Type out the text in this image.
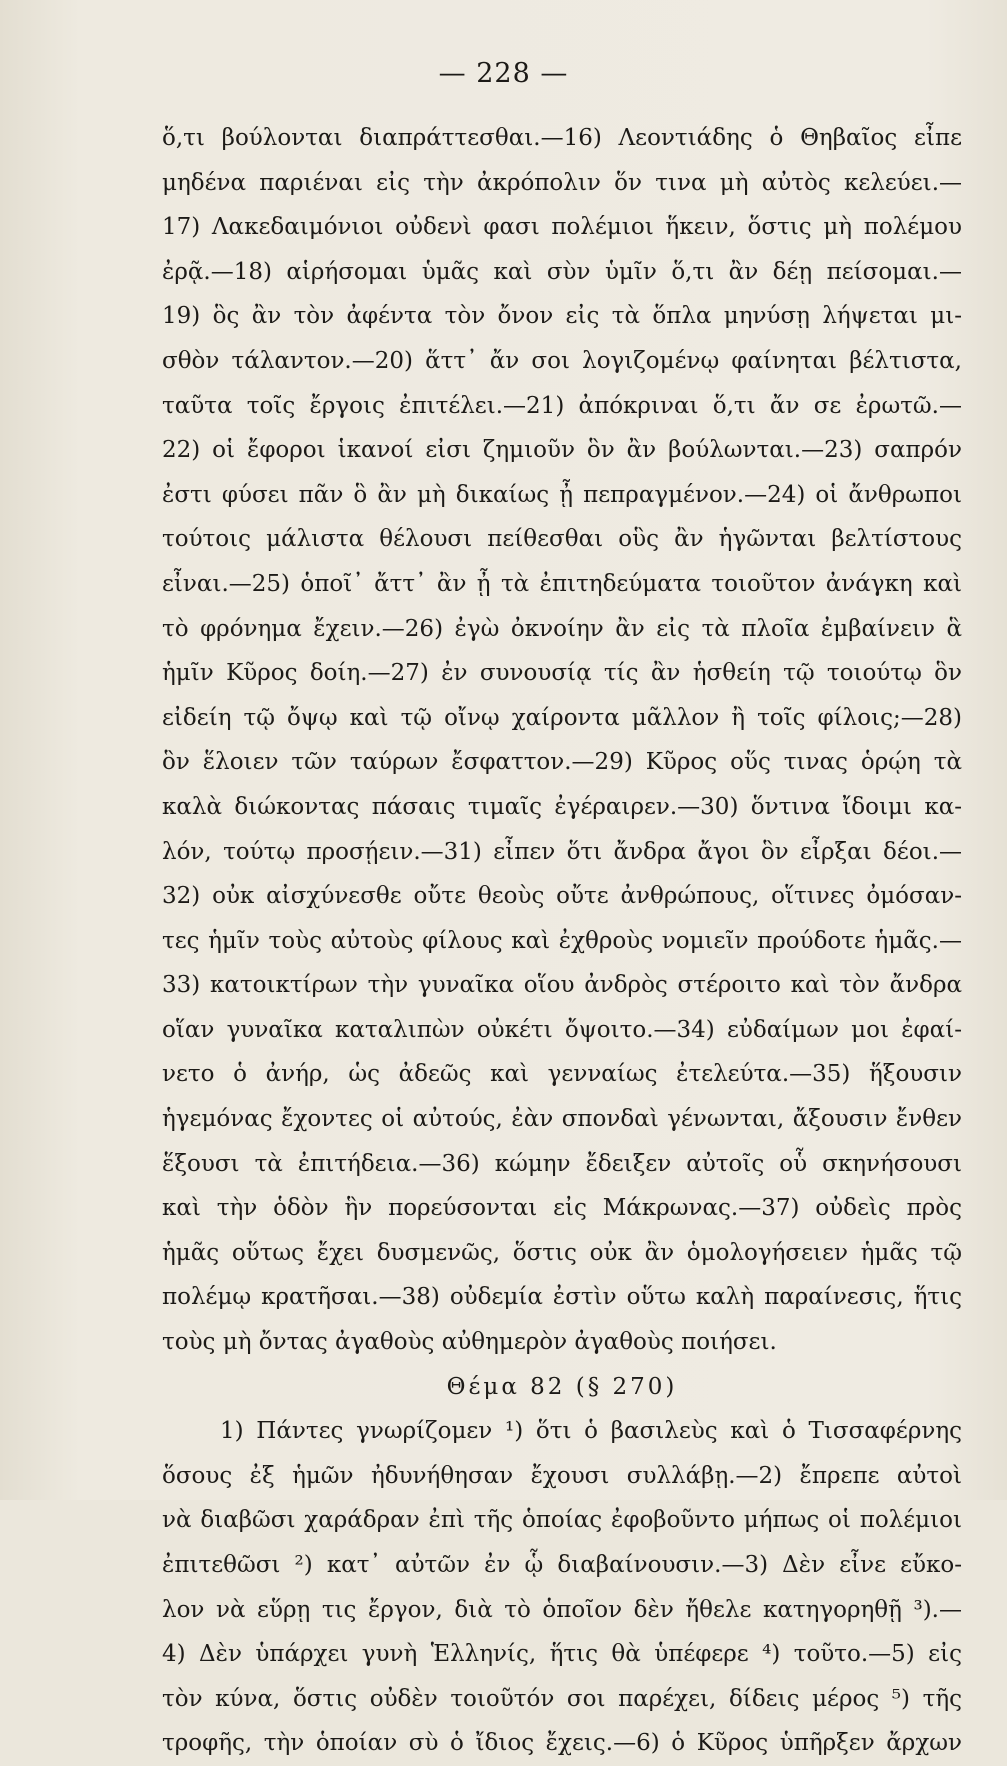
— 228 —
ὅ,τι βούλονται διαπράττεσθαι.—16) Λεοντιάδης ὁ Θηβαῖος εἶπε
μηδένα παριέναι εἰς τὴν ἀκρόπολιν ὅν τινα μὴ αὐτὸς κελεύει.—
17) Λακεδαιμόνιοι οὐδενὶ φασι πολέμιοι ἥκειν, ὅστις μὴ πολέμου
ἐρᾷ.—18) αἱρήσομαι ὑμᾶς καὶ σὺν ὑμῖν ὅ,τι ἂν δέῃ πείσομαι.—
19) ὃς ἂν τὸν ἀφέντα τὸν ὄνον εἰς τὰ ὅπλα μηνύσῃ λήψεται μι-
σθὸν τάλαντον.—20) ἅττ᾽ ἄν σοι λογιζομένῳ φαίνηται βέλτιστα,
ταῦτα τοῖς ἔργοις ἐπιτέλει.—21) ἀπόκριναι ὅ,τι ἄν σε ἐρωτῶ.—
22) οἱ ἔφοροι ἱκανοί εἰσι ζημιοῦν ὃν ἂν βούλωνται.—23) σαπρόν
ἐστι φύσει πᾶν ὃ ἂν μὴ δικαίως ᾖ πεπραγμένον.—24) οἱ ἄνθρωποι
τούτοις μάλιστα θέλουσι πείθεσθαι οὓς ἂν ἡγῶνται βελτίστους
εἶναι.—25) ὁποῖ᾽ ἄττ᾽ ἂν ᾖ τὰ ἐπιτηδεύματα τοιοῦτον ἀνάγκη καὶ
τὸ φρόνημα ἔχειν.—26) ἐγὼ ὀκνοίην ἂν εἰς τὰ πλοῖα ἐμβαίνειν ἃ
ἡμῖν Κῦρος δοίη.—27) ἐν συνουσίᾳ τίς ἂν ἡσθείη τῷ τοιούτῳ ὃν
εἰδείη τῷ ὄψῳ καὶ τῷ οἴνῳ χαίροντα μᾶλλον ἢ τοῖς φίλοις;—28)
ὃν ἕλοιεν τῶν ταύρων ἔσφαττον.—29) Κῦρος οὕς τινας ὁρῴη τὰ
καλὰ διώκοντας πάσαις τιμαῖς ἐγέραιρεν.—30) ὅντινα ἴδοιμι κα-
λόν, τούτῳ προσῄειν.—31) εἶπεν ὅτι ἄνδρα ἄγοι ὃν εἶρξαι δέοι.—
32) οὐκ αἰσχύνεσθε οὔτε θεοὺς οὔτε ἀνθρώπους, οἵτινες ὀμόσαν-
τες ἡμῖν τοὺς αὐτοὺς φίλους καὶ ἐχθροὺς νομιεῖν προύδοτε ἡμᾶς.—
33) κατοικτίρων τὴν γυναῖκα οἵου ἀνδρὸς στέροιτο καὶ τὸν ἄνδρα
οἵαν γυναῖκα καταλιπὼν οὐκέτι ὄψοιτο.—34) εὐδαίμων μοι ἐφαί-
νετο ὁ ἀνήρ, ὡς ἀδεῶς καὶ γενναίως ἐτελεύτα.—35) ἥξουσιν
ἡγεμόνας ἔχοντες οἱ αὐτούς, ἐὰν σπονδαὶ γένωνται, ἄξουσιν ἔνθεν
ἕξουσι τὰ ἐπιτήδεια.—36) κώμην ἔδειξεν αὐτοῖς οὗ σκηνήσουσι
καὶ τὴν ὁδὸν ἣν πορεύσονται εἰς Μάκρωνας.—37) οὐδεὶς πρὸς
ἡμᾶς οὕτως ἔχει δυσμενῶς, ὅστις οὐκ ἂν ὁμολογήσειεν ἡμᾶς τῷ
πολέμῳ κρατῆσαι.—38) οὐδεμία ἐστὶν οὕτω καλὴ παραίνεσις, ἥτις
τοὺς μὴ ὄντας ἀγαθοὺς αὐθημερὸν ἀγαθοὺς ποιήσει.
Θέμα 82 (§ 270)
1) Πάντες γνωρίζομεν ¹) ὅτι ὁ βασιλεὺς καὶ ὁ Τισσαφέρνης
ὅσους ἐξ ἡμῶν ἠδυνήθησαν ἔχουσι συλλάβῃ.—2) ἔπρεπε αὐτοὶ
νὰ διαβῶσι χαράδραν ἐπὶ τῆς ὁποίας ἐφοβοῦντο μήπως οἱ πολέμιοι
ἐπιτεθῶσι ²) κατ᾽ αὐτῶν ἐν ᾧ διαβαίνουσιν.—3) Δὲν εἶνε εὔκο-
λον νὰ εὕρῃ τις ἔργον, διὰ τὸ ὁποῖον δὲν ἤθελε κατηγορηθῇ ³).—
4) Δὲν ὑπάρχει γυνὴ Ἑλληνίς, ἥτις θὰ ὑπέφερε ⁴) τοῦτο.—5) εἰς
τὸν κύνα, ὅστις οὐδὲν τοιοῦτόν σοι παρέχει, δίδεις μέρος ⁵) τῆς
τροφῆς, τὴν ὁποίαν σὺ ὁ ἴδιος ἔχεις.—6) ὁ Κῦρος ὑπῆρξεν ἄρχων
